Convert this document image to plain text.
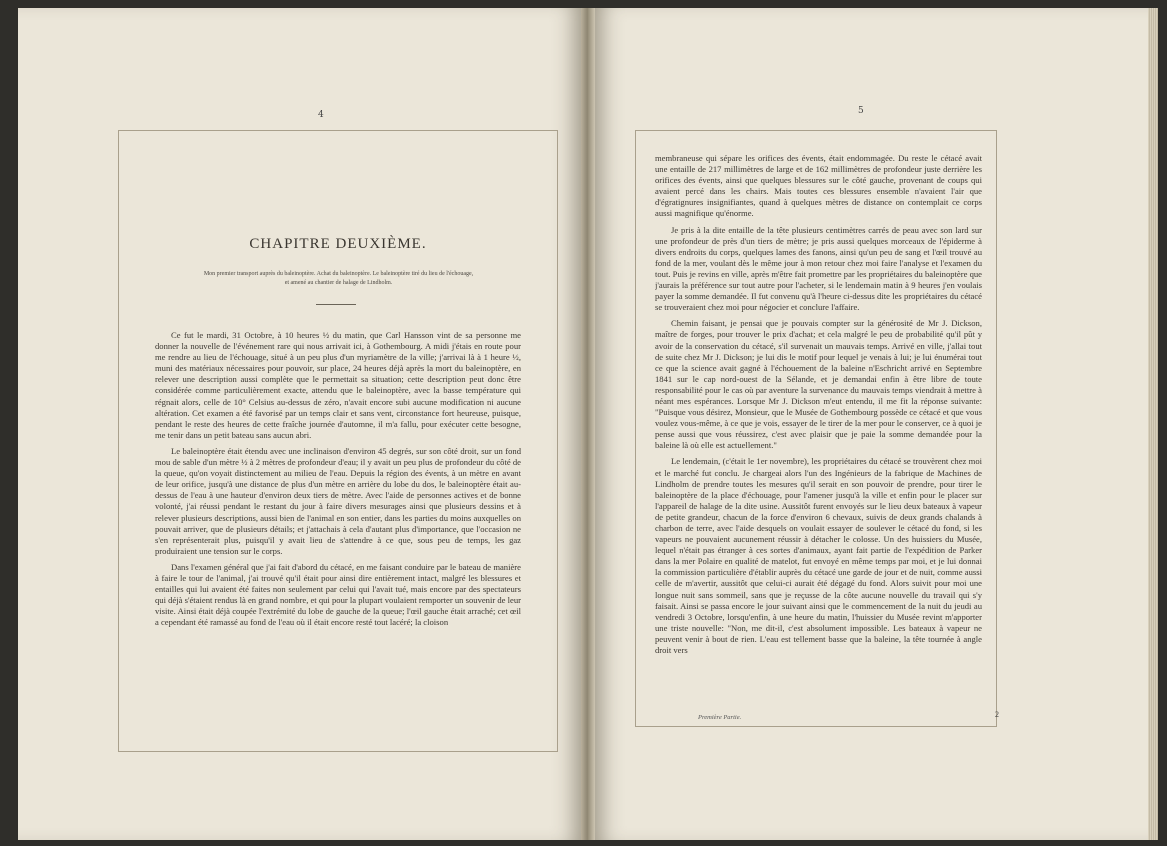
4
CHAPITRE DEUXIÈME.
Mon premier transport auprès du baleinoptère. Achat du baleinoptère. Le baleinoptère tiré du lieu de l'échouage,
et amené au chantier de halage de Lindholm.

Ce fut le mardi, 31 Octobre, à 10 heures ½ du matin, que Carl Hansson vint de sa personne me donner la nouvelle de l'événement rare qui nous arrivait ici, à Gothembourg. A midi j'étais en route pour me rendre au lieu de l'échouage, situé à un peu plus d'un myriamètre de la ville; j'arrivai là à 1 heure ½, muni des matériaux nécessaires pour pouvoir, sur place, 24 heures déjà après la mort du baleinoptère, en relever une description aussi complète que le permettait sa situation; cette description peut donc être considérée comme particulièrement exacte, attendu que le baleinoptère, avec la basse température qui régnait alors, celle de 10° Celsius au-dessus de zéro, n'avait encore subi aucune modification ni aucune altération. Cet examen a été favorisé par un temps clair et sans vent, circonstance fort heureuse, puisque, pendant le reste des heures de cette fraîche journée d'automne, il m'a fallu, pour exécuter cette besogne, me tenir dans un petit bateau sans aucun abri.

Le baleinoptère était étendu avec une inclinaison d'environ 45 degrés, sur son côté droit, sur un fond mou de sable d'un mètre ½ à 2 mètres de profondeur d'eau; il y avait un peu plus de profondeur du côté de la queue, qu'on voyait distinctement au milieu de l'eau. Depuis la région des évents, à un mètre en avant de leur orifice, jusqu'à une distance de plus d'un mètre en arrière du lobe du dos, le baleinoptère était au-dessus de l'eau à une hauteur d'environ deux tiers de mètre. Avec l'aide de personnes actives et de bonne volonté, j'ai réussi pendant le restant du jour à faire divers mesurages ainsi que plusieurs dessins et à relever plusieurs descriptions, aussi bien de l'animal en son entier, dans les parties du moins auxquelles on pouvait arriver, que de plusieurs détails; et j'attachais à cela d'autant plus d'importance, que l'occasion ne s'en représenterait plus, puisqu'il y avait lieu de s'attendre à ce que, sous peu de temps, les gaz produiraient une tension sur le corps.

Dans l'examen général que j'ai fait d'abord du cétacé, en me faisant conduire par le bateau de manière à faire le tour de l'animal, j'ai trouvé qu'il était pour ainsi dire entièrement intact, malgré les blessures et entailles qui lui avaient été faites non seulement par celui qui l'avait tué, mais encore par des spectateurs qui déjà s'étaient rendus là en grand nombre, et qui pour la plupart voulaient remporter un souvenir de leur visite. Ainsi était déjà coupée l'extrémité du lobe de gauche de la queue; l'œil gauche était arraché; cet œil a cependant été ramassé au fond de l'eau où il était encore resté tout lacéré; la cloison

5

membraneuse qui sépare les orifices des évents, était endommagée. Du reste le cétacé avait une entaille de 217 millimètres de large et de 162 millimètres de profondeur juste derrière les orifices des évents, ainsi que quelques blessures sur le côté gauche, provenant de coups qui avaient percé dans les chairs. Mais toutes ces blessures ensemble n'avaient l'air que d'égratignures insignifiantes, quand à quelques mètres de distance on contemplait ce corps aussi magnifique qu'énorme.

Je pris à la dite entaille de la tête plusieurs centimètres carrés de peau avec son lard sur une profondeur de près d'un tiers de mètre; je pris aussi quelques morceaux de l'épiderme à divers endroits du corps, quelques lames des fanons, ainsi qu'un peu de sang et l'œil trouvé au fond de la mer, voulant dès le même jour à mon retour chez moi faire l'analyse et l'examen du tout. Puis je revins en ville, après m'être fait promettre par les propriétaires du baleinoptère que j'aurais la préférence sur tout autre pour l'acheter, si le lendemain matin à 9 heures j'en voulais payer la somme demandée. Il fut convenu qu'à l'heure ci-dessus dite les propriétaires du cétacé se trouveraient chez moi pour négocier et conclure l'affaire.

Chemin faisant, je pensai que je pouvais compter sur la générosité de Mr J. Dickson, maître de forges, pour trouver le prix d'achat; et cela malgré le peu de probabilité qu'il pût y avoir de la conservation du cétacé, s'il survenait un mauvais temps. Arrivé en ville, j'allai tout de suite chez Mr J. Dickson; je lui dis le motif pour lequel je venais à lui; je lui énumérai tout ce que la science avait gagné à l'échouement de la baleine n'Eschricht arrivé en Septembre 1841 sur le cap nord-ouest de la Sélande, et je demandai enfin à être libre de toute responsabilité pour le cas où par aventure la survenance du mauvais temps viendrait à mettre à néant mes espérances. Lorsque Mr J. Dickson m'eut entendu, il me fit la réponse suivante: "Puisque vous désirez, Monsieur, que le Musée de Gothembourg possède ce cétacé et que vous voulez vous-même, à ce que je vois, essayer de le tirer de la mer pour le conserver, ce à quoi je pense aussi que vous réussirez, c'est avec plaisir que je paie la somme demandée pour la baleine là où elle est actuellement."

Le lendemain, (c'était le 1er novembre), les propriétaires du cétacé se trouvèrent chez moi et le marché fut conclu. Je chargeai alors l'un des Ingénieurs de la fabrique de Machines de Lindholm de prendre toutes les mesures qu'il serait en son pouvoir de prendre, pour tirer le baleinoptère de la place d'échouage, pour l'amener jusqu'à la ville et enfin pour le placer sur l'appareil de halage de la dite usine. Aussitôt furent envoyés sur le lieu deux bateaux à vapeur de petite grandeur, chacun de la force d'environ 6 chevaux, suivis de deux grands chalands à charbon de terre, avec l'aide desquels on voulait essayer de soulever le cétacé du fond, si les vapeurs ne pouvaient aucunement réussir à détacher le colosse. Un des huissiers du Musée, lequel n'était pas étranger à ces sortes d'animaux, ayant fait partie de l'expédition de Parker dans la mer Polaire en qualité de matelot, fut envoyé en même temps par moi, et je lui donnai la commission particulière d'établir auprès du cétacé une garde de jour et de nuit, comme aussi celle de m'avertir, aussitôt que celui-ci aurait été dégagé du fond. Alors suivit pour moi une longue nuit sans sommeil, sans que je reçusse de la côte aucune nouvelle du travail qui s'y faisait. Ainsi se passa encore le jour suivant ainsi que le commencement de la nuit du jeudi au vendredi 3 Octobre, lorsqu'enfin, à une heure du matin, l'huissier du Musée revint m'apporter une triste nouvelle: "Non, me dit-il, c'est absolument impossible. Les bateaux à vapeur ne peuvent venir à bout de rien. L'eau est tellement basse que la baleine, la tête tournée à angle droit vers

Première Partie.	2
